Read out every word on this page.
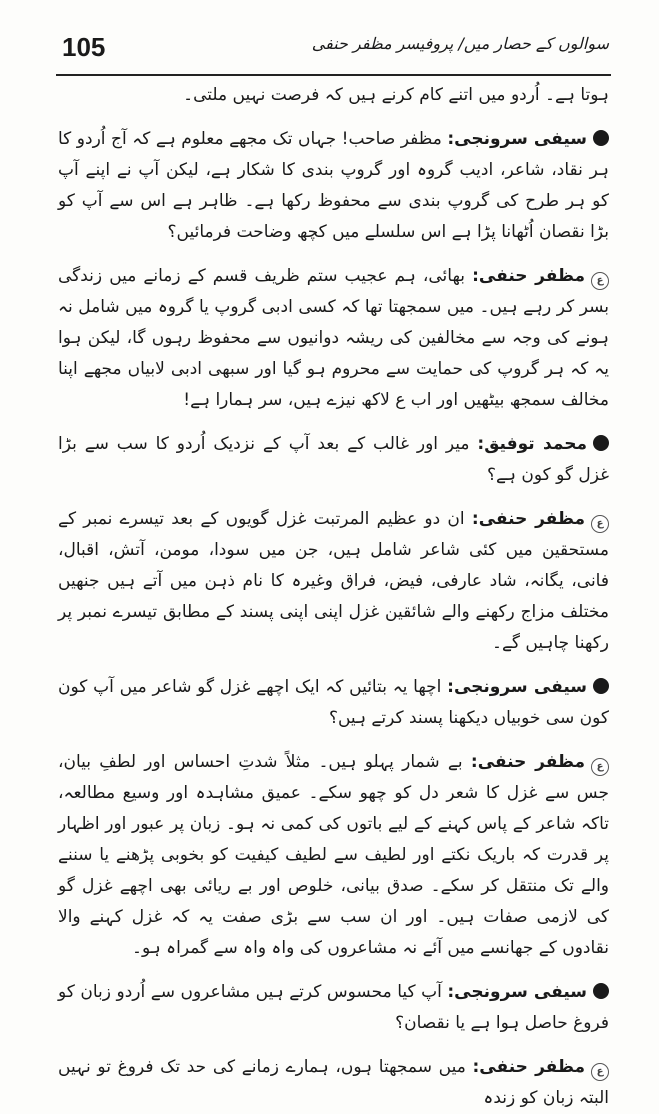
105	سوالوں کے حصار میں/ پروفیسر مظفر حنفی

ہوتا ہے۔ اُردو میں اتنے کام کرنے ہیں کہ فرصت نہیں ملتی۔

سیفی سرونجی: مظفر صاحب! جہاں تک مجھے معلوم ہے کہ آج اُردو کا ہر نقاد، شاعر، ادیب گروہ اور گروپ بندی کا شکار ہے، لیکن آپ نے اپنے آپ کو ہر طرح کی گروپ بندی سے محفوظ رکھا ہے۔ ظاہر ہے اس سے آپ کو بڑا نقصان اُٹھانا پڑا ہے اس سلسلے میں کچھ وضاحت فرمائیں؟

عمظفر حنفی: بھائی، ہم عجیب ستم ظریف قسم کے زمانے میں زندگی بسر کر رہے ہیں۔ میں سمجھتا تھا کہ کسی ادبی گروپ یا گروہ میں شامل نہ ہونے کی وجہ سے مخالفین کی ریشہ دوانیوں سے محفوظ رہوں گا، لیکن ہوا یہ کہ ہر گروپ کی حمایت سے محروم ہو گیا اور سبھی ادبی لابیاں مجھے اپنا مخالف سمجھ بیٹھیں اور اب ع لاکھ نیزے ہیں، سر ہمارا ہے!

محمد توفیق: میر اور غالب کے بعد آپ کے نزدیک اُردو کا سب سے بڑا غزل گو کون ہے؟

عمظفر حنفی: ان دو عظیم المرتبت غزل گویوں کے بعد تیسرے نمبر کے مستحقین میں کئی شاعر شامل ہیں، جن میں سودا، مومن، آتش، اقبال، فانی، یگانہ، شاد عارفی، فیض، فراق وغیرہ کا نام ذہن میں آتے ہیں جنھیں مختلف مزاج رکھنے والے شائقین غزل اپنی اپنی پسند کے مطابق تیسرے نمبر پر رکھنا چاہیں گے۔

سیفی سرونجی: اچھا یہ بتائیں کہ ایک اچھے غزل گو شاعر میں آپ کون کون سی خوبیاں دیکھنا پسند کرتے ہیں؟

عمظفر حنفی: بے شمار پہلو ہیں۔ مثلاً شدتِ احساس اور لطفِ بیان، جس سے غزل کا شعر دل کو چھو سکے۔ عمیق مشاہدہ اور وسیع مطالعہ، تاکہ شاعر کے پاس کہنے کے لیے باتوں کی کمی نہ ہو۔ زبان پر عبور اور اظہار پر قدرت کہ باریک نکتے اور لطیف سے لطیف کیفیت کو بخوبی پڑھنے یا سننے والے تک منتقل کر سکے۔ صدق بیانی، خلوص اور بے ریائی بھی اچھے غزل گو کی لازمی صفات ہیں۔ اور ان سب سے بڑی صفت یہ کہ غزل کہنے والا نقادوں کے جھانسے میں آئے نہ مشاعروں کی واہ واہ سے گمراہ ہو۔

سیفی سرونجی: آپ کیا محسوس کرتے ہیں مشاعروں سے اُردو زبان کو فروغ حاصل ہوا ہے یا نقصان؟

عمظفر حنفی: میں سمجھتا ہوں، ہمارے زمانے کی حد تک فروغ تو نہیں البتہ زبان کو زندہ
